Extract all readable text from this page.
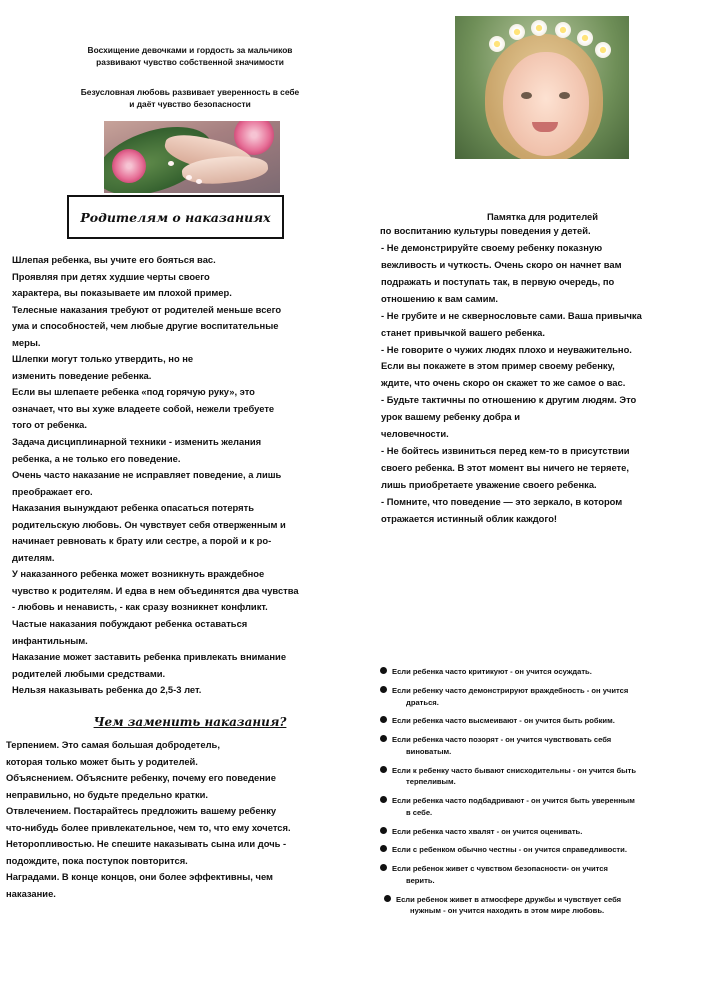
Восхищение девочками и гордость за мальчиков
развивают чувство собственной значимости
Безусловная любовь развивает уверенность в себе
и даёт чувство безопасности
Родителям о наказаниях

Шлепая ребенка, вы учите его бояться вас.

Проявляя при детях худшие черты своего

характера, вы показываете им плохой пример.

Телесные наказания требуют от родителей меньше всего

ума и способностей, чем любые другие воспитательные

меры.

Шлепки могут только утвердить, но не

изменить поведение ребенка.

Если вы шлепаете ребенка «под горячую руку», это

означает, что вы хуже владеете собой, нежели требуете

того от ребенка.

Задача дисциплинарной техники - изменить желания

ребенка, а не только его поведение.

Очень часто наказание не исправляет поведение, а лишь

преображает его.

Наказания вынуждают ребенка опасаться потерять

родительскую любовь. Он чувствует себя отверженным и

начинает ревновать к брату или сестре, а порой и к ро-

дителям.

У наказанного ребенка может возникнуть враждебное

чувство к родителям. И едва в нем объединятся два чувства

- любовь и ненависть, - как сразу возникнет конфликт.

Частые наказания побуждают ребенка оставаться

инфантильным.

Наказание может заставить ребенка привлекать внимание

родителей любыми средствами.

Нельзя наказывать ребенка до 2,5-3 лет.

Чем заменить наказания?

Терпением. Это самая большая добродетель,

которая только может быть у родителей.

Объяснением. Объясните ребенку, почему его поведение

неправильно, но будьте предельно кратки.

Отвлечением. Постарайтесь предложить вашему ребенку

что-нибудь более привлекательное, чем то, что ему хочется.

Неторопливостью. Не спешите наказывать сына или дочь -

подождите, пока поступок повторится.

Наградами. В конце концов, они более эффективны, чем

наказание.

Памятка для родителей
по воспитанию культуры поведения у детей.

- Не демонстрируйте своему ребенку показную

вежливость и чуткость. Очень скоро он начнет вам

подражать и поступать так, в первую очередь, по

отношению к вам самим.

- Не грубите и не сквернословьте сами. Ваша привычка

станет привычкой вашего ребенка.

- Не говорите о чужих людях плохо и неуважительно.

Если вы покажете в этом пример своему ребенку,

ждите, что очень скоро он скажет то же самое о вас.

- Будьте тактичны по отношению к другим людям. Это

урок вашему ребенку добра и

человечности.

- Не бойтесь извиниться перед кем-то в присутствии

своего ребенка. В этот момент вы ничего не теряете,

лишь приобретаете уважение своего ребенка.

- Помните, что поведение — это зеркало, в котором

отражается истинный облик каждого!

Если ребенка часто критикуют - он учится осуждать.
Если ребенку часто демонстрируют враждебность - он учится
драться.
Если ребенка часто высмеивают - он учится быть робким.
Если ребенка часто позорят - он учится чувствовать себя
виноватым.
Если к ребенку часто бывают снисходительны - он учится быть
терпеливым.
Если ребенка часто подбадривают - он учится быть уверенным
в себе.
Если ребенка часто хвалят - он учится оценивать.
Если с ребенком обычно честны - он учится справедливости.
Если ребенок живет с чувством безопасности- он учится
верить.
Если ребенок живет в атмосфере дружбы и чувствует себя
нужным - он учится находить в этом мире любовь.
